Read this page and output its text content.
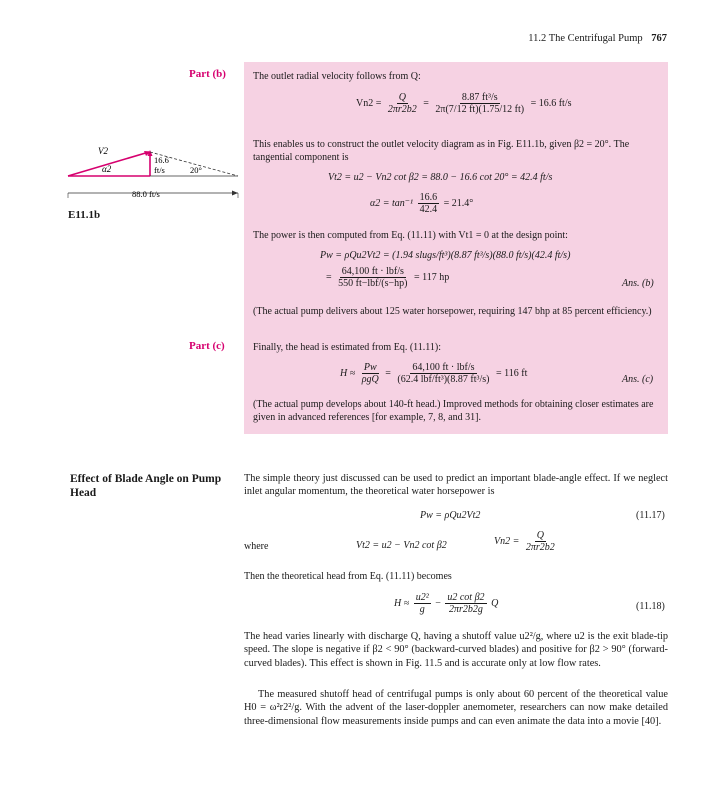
11.2 The Centrifugal Pump 767
Part (b)
Part (c)
The outlet radial velocity follows from Q:
$Vn2 = \frac{Q}{2\pi r2b2} = \frac{\text{8.87 ft³/s}}{2\pi(7/12 ft)(1.75/12 ft)} = 16.6$ ft/s
This enables us to construct the outlet velocity diagram as in Fig. E11.1b, given β2 = 20°. The tangential component is
Vt2 = u2 − Vn2 cot β2 = 88.0 − 16.6 cot 20° = 42.4 ft/s
$\alpha 2 = \tan^{-1} \frac{16.6}{42.4} = 21.4^\circ$
The power is then computed from Eq. (11.11) with Vt1 = 0 at the design point:
Pw = ρQu2Vt2 = (1.94 slugs/ft³)(8.87 ft³/s)(88.0 ft/s)(42.4 ft/s)
= $\frac{\text{64,100 ft · lbf/s}}{\text{550 ft−lbf/(s−hp)}} = 117$ hp
Ans. (b)
(The actual pump delivers about 125 water horsepower, requiring 147 bhp at 85 percent efficiency.)
Finally, the head is estimated from Eq. (11.11):
$H \approx \frac{Pw}{\text{ρgQ}} = \frac{\text{64,100 ft · lbf/s}}{\text{(62.4 lbf/ft³)(8.87 ft³/s)}} = 116$ ft
Ans. (c)
(The actual pump develops about 140-ft head.) Improved methods for obtaining closer estimates are given in advanced references [for example, 7, 8, and 31].
V2
α2
16.6
ft/s	20°
88.0 ft/s
E11.1b
Effect of Blade Angle on Pump Head
The simple theory just discussed can be used to predict an important blade-angle effect. If we neglect inlet angular momentum, the theoretical water horsepower is
Pw = ρQu2Vt2	(11.17)
where	Vt2 = u2 − Vn2 cot β2	$Vn2 = \frac{Q}{2\pi r2b2}$
Then the theoretical head from Eq. (11.11) becomes
$H \approx \frac{\text{u2²}}{g} - \frac{\text{u2 cot β2}}{2\pi r2b2g}$ Q	(11.18)
The head varies linearly with discharge Q, having a shutoff value u2²/g, where u2 is the exit blade-tip speed. The slope is negative if β2 < 90° (backward-curved blades) and positive for β2 > 90° (forward-curved blades). This effect is shown in Fig. 11.5 and is accurate only at low flow rates.
The measured shutoff head of centrifugal pumps is only about 60 percent of the theoretical value H0 = ω²r2²/g. With the advent of the laser-doppler anemometer, researchers can now make detailed three-dimensional flow measurements inside pumps and can even animate the data into a movie [40].
